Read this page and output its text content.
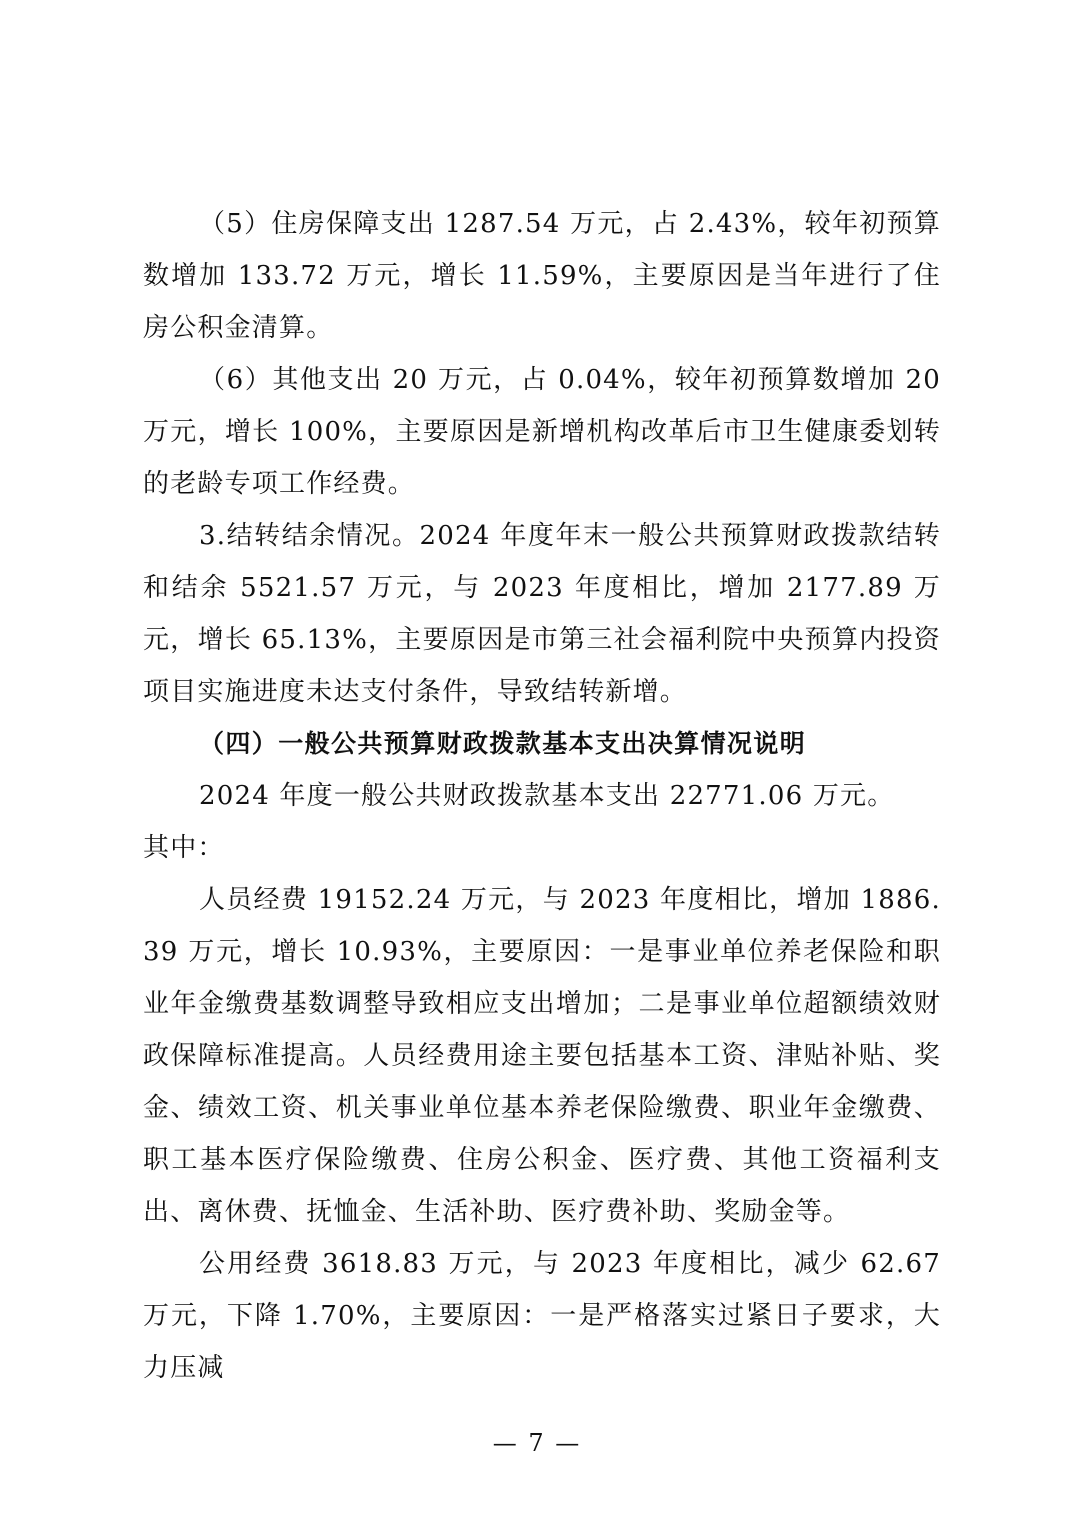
（5）住房保障支出 1287.54 万元，占 2.43%，较年初预算数增加 133.72 万元，增长 11.59%，主要原因是当年进行了住房公积金清算。

（6）其他支出 20 万元，占 0.04%，较年初预算数增加 20 万元，增长 100%，主要原因是新增机构改革后市卫生健康委划转的老龄专项工作经费。

3.结转结余情况。2024 年度年末一般公共预算财政拨款结转和结余 5521.57 万元，与 2023 年度相比，增加 2177.89 万元，增长 65.13%，主要原因是市第三社会福利院中央预算内投资项目实施进度未达支付条件，导致结转新增。

（四）一般公共预算财政拨款基本支出决算情况说明

2024 年度一般公共财政拨款基本支出 22771.06 万元。

其中：

人员经费 19152.24 万元，与 2023 年度相比，增加 1886.39 万元，增长 10.93%，主要原因：一是事业单位养老保险和职业年金缴费基数调整导致相应支出增加；二是事业单位超额绩效财政保障标准提高。人员经费用途主要包括基本工资、津贴补贴、奖金、绩效工资、机关事业单位基本养老保险缴费、职业年金缴费、职工基本医疗保险缴费、住房公积金、医疗费、其他工资福利支出、离休费、抚恤金、生活补助、医疗费补助、奖励金等。

公用经费 3618.83 万元，与 2023 年度相比，减少 62.67 万元，下降 1.70%，主要原因：一是严格落实过紧日子要求，大力压减

— 7 —
